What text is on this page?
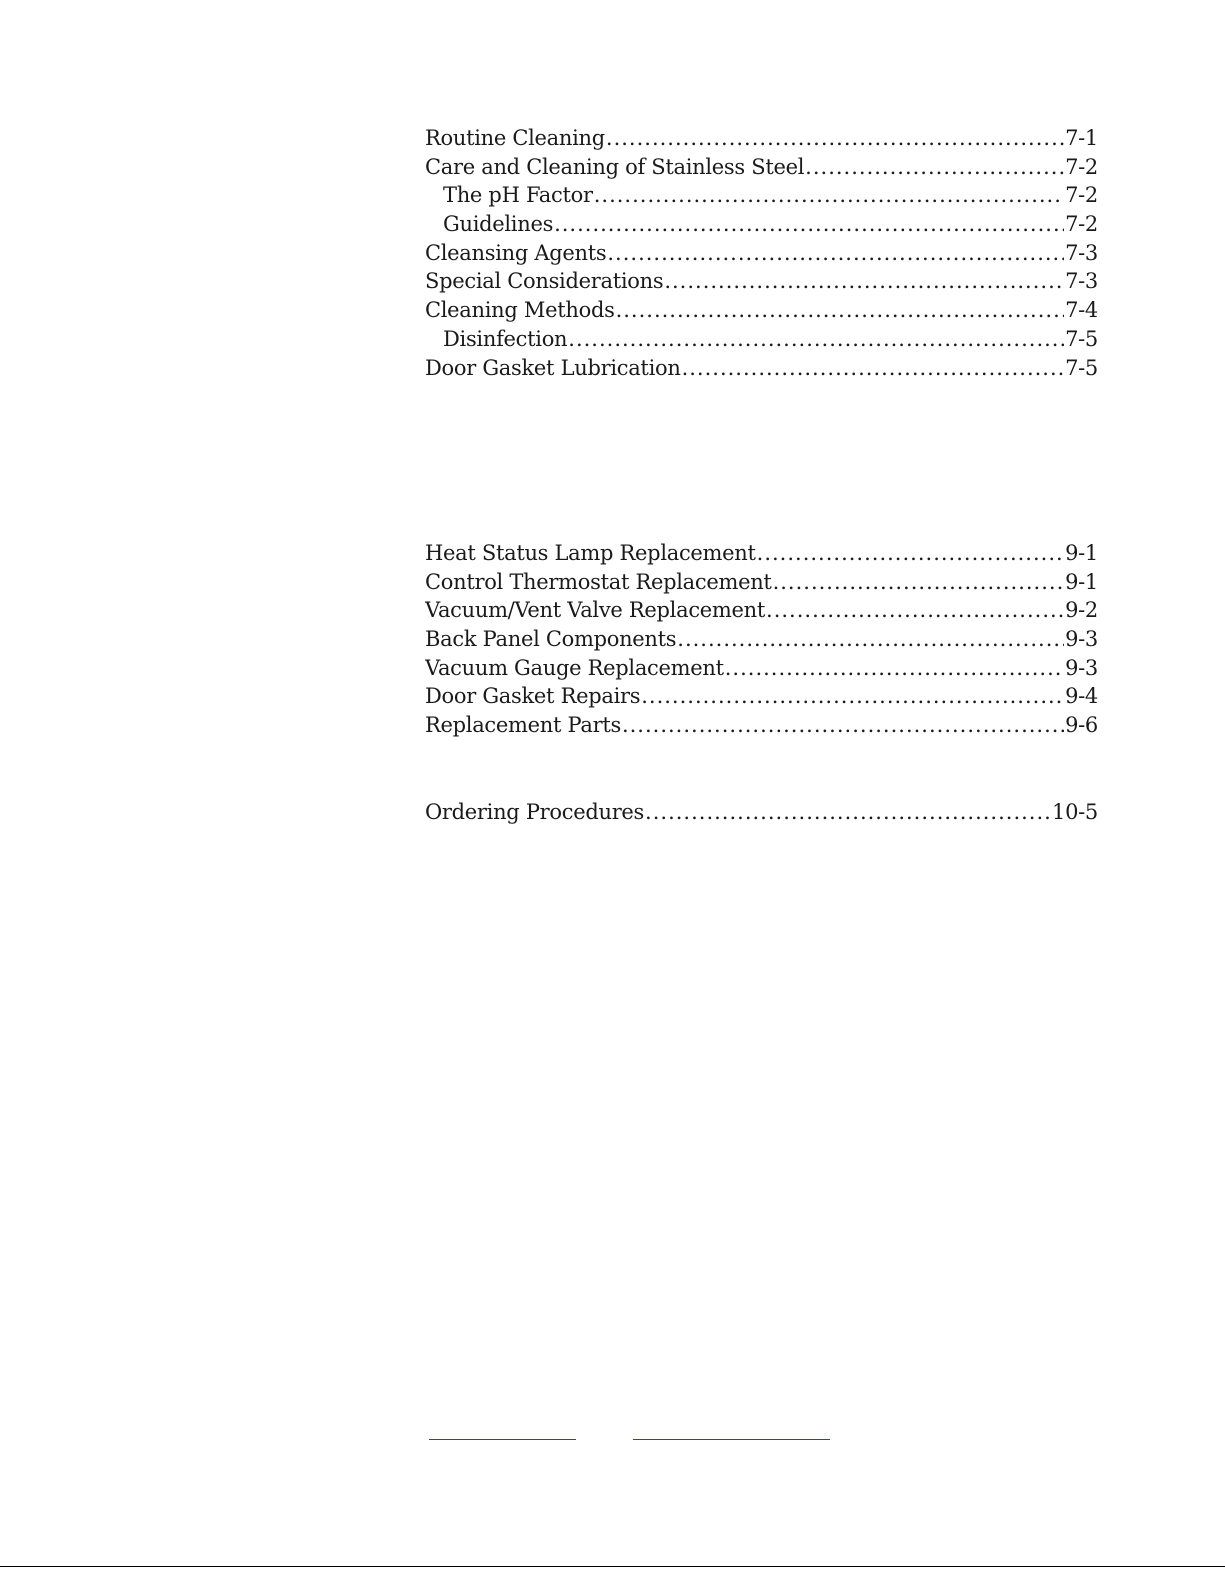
Routine Cleaning .....	7-1
Care and Cleaning of Stainless Steel .....	7-2
The pH Factor .....	7-2
Guidelines .....	7-2
Cleansing Agents .....	7-3
Special Considerations .....	7-3
Cleaning Methods .....	7-4
Disinfection .....	7-5
Door Gasket Lubrication .....	7-5
Heat Status Lamp Replacement .....	9-1
Control Thermostat Replacement .....	9-1
Vacuum/Vent Valve Replacement .....	9-2
Back Panel Components .....	9-3
Vacuum Gauge Replacement .....	9-3
Door Gasket Repairs .....	9-4
Replacement Parts .....	9-6
Ordering Procedures .....	10-5
